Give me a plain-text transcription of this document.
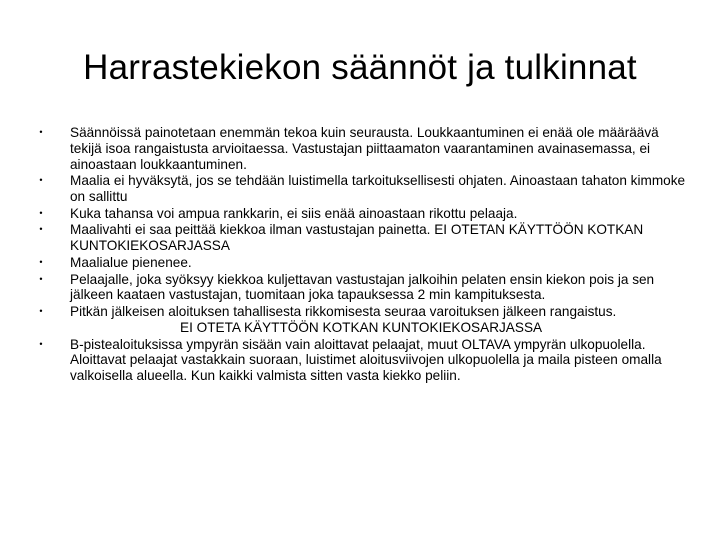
Harrastekiekon säännöt ja tulkinnat
• Säännöissä painotetaan enemmän tekoa kuin seurausta. Loukkaantuminen ei enää ole määräävä tekijä isoa rangaistusta arvioitaessa. Vastustajan piittaamaton vaarantaminen avainasemassa, ei ainoastaan loukkaantuminen.
• Maalia ei hyväksytä, jos se tehdään luistimella tarkoituksellisesti ohjaten. Ainoastaan tahaton kimmoke on sallittu
• Kuka tahansa voi ampua rankkarin, ei siis enää ainoastaan rikottu pelaaja.
• Maalivahti ei saa peittää kiekkoa ilman vastustajan painetta. EI OTETAN KÄYTTÖÖN KOTKAN KUNTOKIEKOSARJASSA
• Maalialue pienenee.
• Pelaajalle, joka syöksyy kiekkoa kuljettavan vastustajan jalkoihin pelaten ensin kiekon pois ja sen jälkeen kaataen vastustajan, tuomitaan joka tapauksessa 2 min kampituksesta.
• Pitkän jälkeisen aloituksen tahallisesta rikkomisesta seuraa varoituksen jälkeen rangaistus.EI OTETA KÄYTTÖÖN KOTKAN KUNTOKIEKOSARJASSA
• B-pistealoituksissa ympyrän sisään vain aloittavat pelaajat, muut OLTAVA ympyrän ulkopuolella. Aloittavat pelaajat vastakkain suoraan, luistimet aloitusviivojen ulkopuolella ja maila pisteen omalla valkoisella alueella. Kun kaikki valmista sitten vasta kiekko peliin.
